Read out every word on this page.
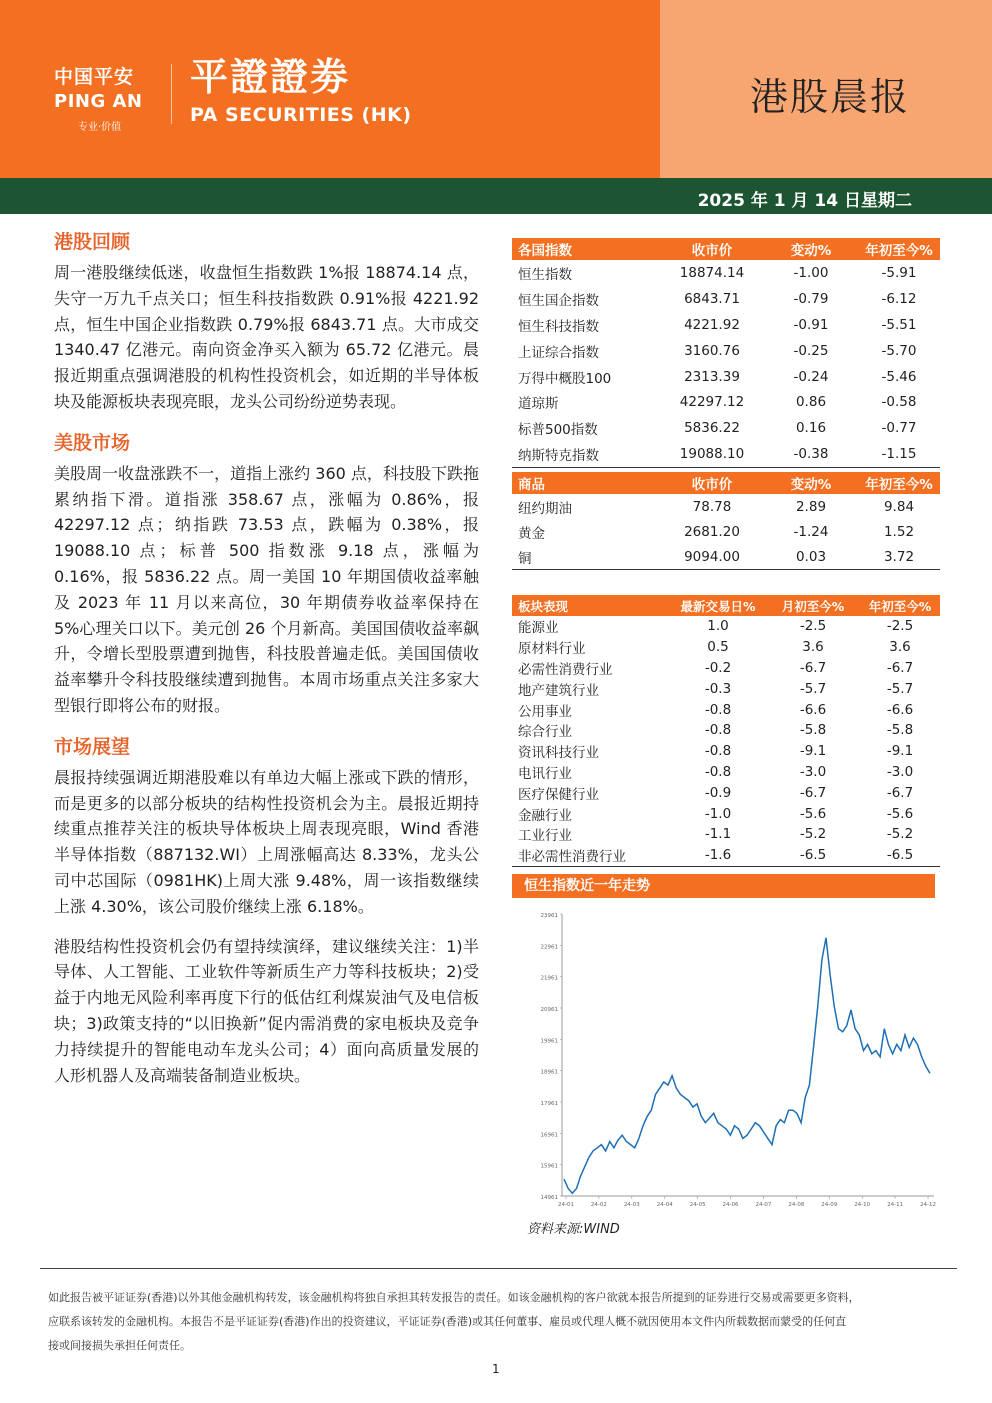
中国平安
PING AN
专业·价值
平證證劵
PA SECURITIES (HK)	港股晨报
2025 年 1 月 14 日星期二
港股回顾

周一港股继续低迷，收盘恒生指数跌 1%报 18874.14 点，失守一万九千点关口；恒生科技指数跌 0.91%报 4221.92 点，恒生中国企业指数跌 0.79%报 6843.71 点。大市成交 1340.47 亿港元。南向资金净买入额为 65.72 亿港元。晨报近期重点强调港股的机构性投资机会，如近期的半导体板块及能源板块表现亮眼，龙头公司纷纷逆势表现。

美股市场

美股周一收盘涨跌不一，道指上涨约 360 点，科技股下跌拖累纳指下滑。道指涨 358.67 点，涨幅为 0.86%，报 42297.12 点；纳指跌 73.53 点，跌幅为 0.38%，报 19088.10 点；标普 500 指数涨 9.18 点，涨幅为 0.16%，报 5836.22 点。周一美国 10 年期国债收益率触及 2023 年 11 月以来高位，30 年期债券收益率保持在 5%心理关口以下。美元创 26 个月新高。美国国债收益率飙升，令增长型股票遭到抛售，科技股普遍走低。美国国债收益率攀升令科技股继续遭到抛售。本周市场重点关注多家大型银行即将公布的财报。

市场展望

晨报持续强调近期港股难以有单边大幅上涨或下跌的情形，而是更多的以部分板块的结构性投资机会为主。晨报近期持续重点推荐关注的板块导体板块上周表现亮眼，Wind 香港半导体指数（887132.WI）上周涨幅高达 8.33%，龙头公司中芯国际（0981HK)上周大涨 9.48%，周一该指数继续上涨 4.30%，该公司股价继续上涨 6.18%。

港股结构性投资机会仍有望持续演绎，建议继续关注：1)半导体、人工智能、工业软件等新质生产力等科技板块；2)受益于内地无风险利率再度下行的低估红利煤炭油气及电信板块；3)政策支持的“以旧换新”促内需消费的家电板块及竞争力持续提升的智能电动车龙头公司；4）面向高质量发展的人形机器人及高端装备制造业板块。

各国指数	收市价	变动%	年初至今%
恒生指数	18874.14	-1.00	-5.91
恒生国企指数	6843.71	-0.79	-6.12
恒生科技指数	4221.92	-0.91	-5.51
上证综合指数	3160.76	-0.25	-5.70
万得中概股100	2313.39	-0.24	-5.46
道琼斯	42297.12	0.86	-0.58
标普500指数	5836.22	0.16	-0.77
纳斯特克指数	19088.10	-0.38	-1.15
商品	收市价	变动%	年初至今%
纽约期油	78.78	2.89	9.84
黄金	2681.20	-1.24	1.52
铜	9094.00	0.03	3.72
板块表现	最新交易日%	月初至今%	年初至今%
能源业	1.0	-2.5	-2.5
原材料行业	0.5	3.6	3.6
必需性消费行业	-0.2	-6.7	-6.7
地产建筑行业	-0.3	-5.7	-5.7
公用事业	-0.8	-6.6	-6.6
综合行业	-0.8	-5.8	-5.8
资讯科技行业	-0.8	-9.1	-9.1
电讯行业	-0.8	-3.0	-3.0
医疗保健行业	-0.9	-6.7	-6.7
金融行业	-1.0	-5.6	-5.6
工业行业	-1.1	-5.2	-5.2
非必需性消费行业	-1.6	-6.5	-6.5
恒生指数近一年走势
14961
15961
16961
17961
18961
19961
20961
21961
22961
23961
24-01	24-02	24-03	24-04	24-05	24-06	24-07	24-08	24-09	24-10	24-11	24-12
资料来源:WIND
如此报告被平证证券(香港)以外其他金融机构转发，该金融机构将独自承担其转发报告的责任。如该金融机构的客户欲就本报告所提到的证券进行交易或需要更多资料，
应联系该转发的金融机构。本报告不是平证证券(香港)作出的投资建议，平证证券(香港)或其任何董事、雇员或代理人概不就因使用本文件内所载数据而蒙受的任何直
接或间接损失承担任何责任。
1
